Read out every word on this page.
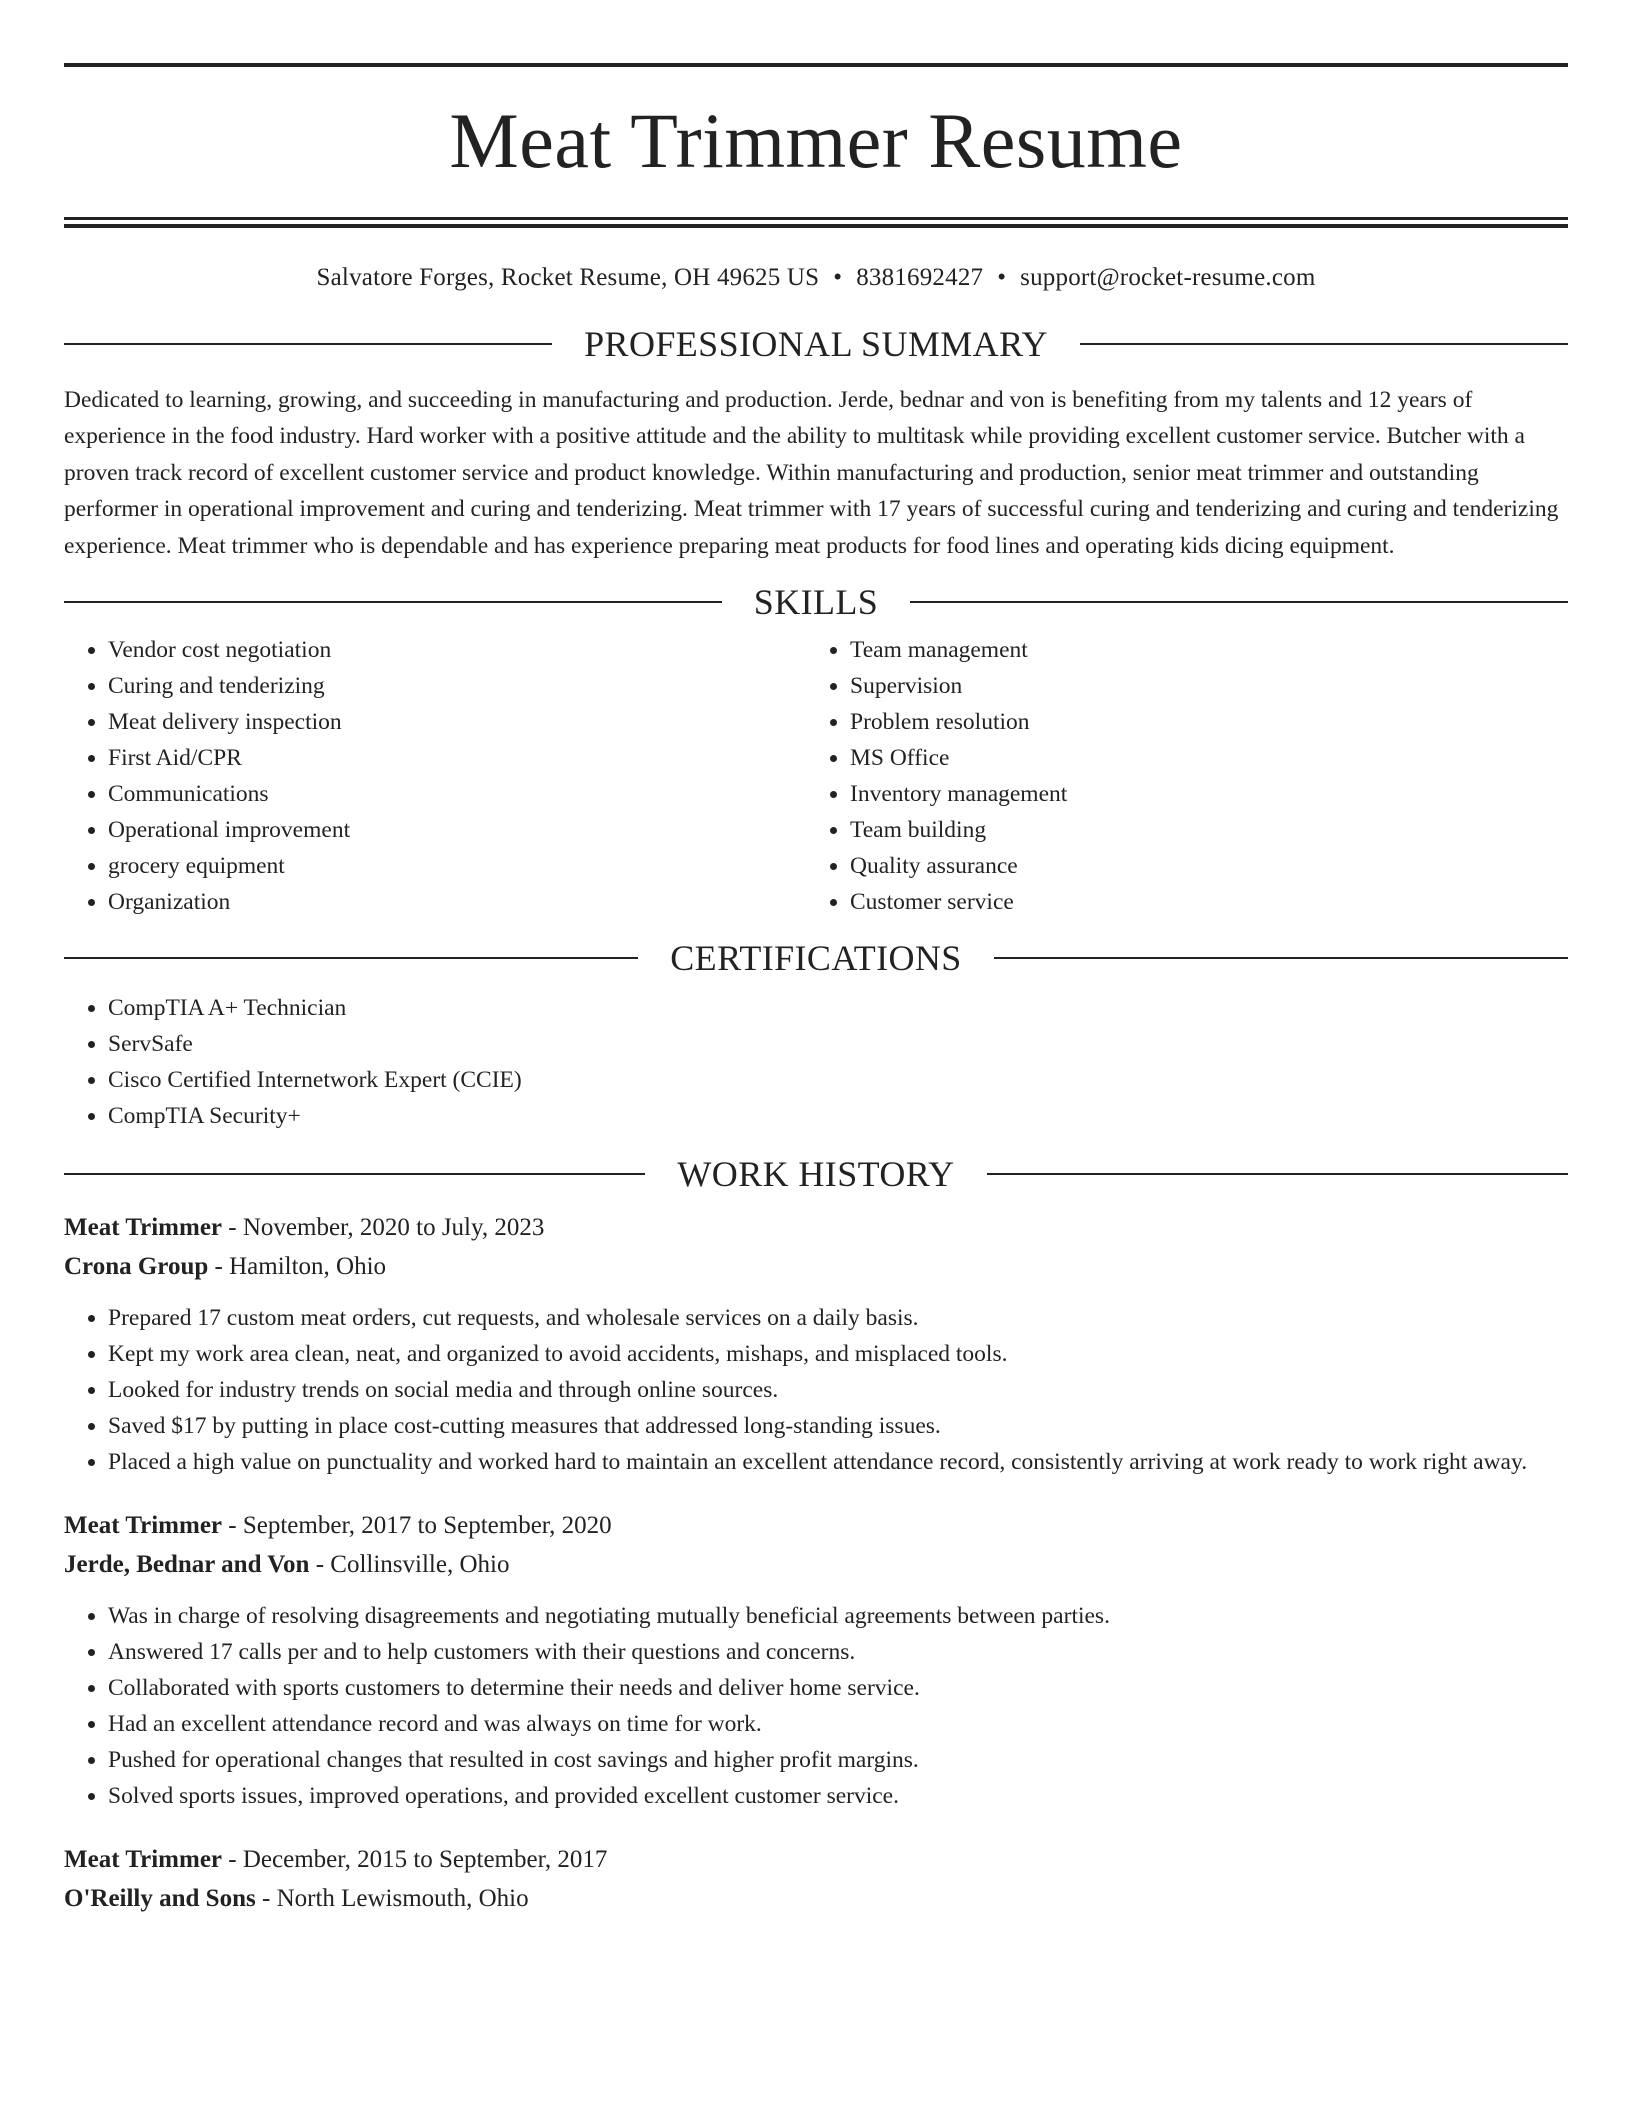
Meat Trimmer Resume
Salvatore Forges, Rocket Resume, OH 49625 US • 8381692427 • support@rocket-resume.com
PROFESSIONAL SUMMARY

Dedicated to learning, growing, and succeeding in manufacturing and production. Jerde, bednar and von is benefiting from my talents and 12 years of experience in the food industry. Hard worker with a positive attitude and the ability to multitask while providing excellent customer service. Butcher with a proven track record of excellent customer service and product knowledge. Within manufacturing and production, senior meat trimmer and outstanding performer in operational improvement and curing and tenderizing. Meat trimmer with 17 years of successful curing and tenderizing and curing and tenderizing experience. Meat trimmer who is dependable and has experience preparing meat products for food lines and operating kids dicing equipment.

SKILLS
• Vendor cost negotiation
• Curing and tenderizing
• Meat delivery inspection
• First Aid/CPR
• Communications
• Operational improvement
• grocery equipment
• Organization
• Team management
• Supervision
• Problem resolution
• MS Office
• Inventory management
• Team building
• Quality assurance
• Customer service
CERTIFICATIONS
• CompTIA A+ Technician
• ServSafe
• Cisco Certified Internetwork Expert (CCIE)
• CompTIA Security+
WORK HISTORY
Meat Trimmer - November, 2020 to July, 2023
Crona Group - Hamilton, Ohio
• Prepared 17 custom meat orders, cut requests, and wholesale services on a daily basis.
• Kept my work area clean, neat, and organized to avoid accidents, mishaps, and misplaced tools.
• Looked for industry trends on social media and through online sources.
• Saved $17 by putting in place cost-cutting measures that addressed long-standing issues.
• Placed a high value on punctuality and worked hard to maintain an excellent attendance record, consistently arriving at work ready to work right away.
Meat Trimmer - September, 2017 to September, 2020
Jerde, Bednar and Von - Collinsville, Ohio
• Was in charge of resolving disagreements and negotiating mutually beneficial agreements between parties.
• Answered 17 calls per and to help customers with their questions and concerns.
• Collaborated with sports customers to determine their needs and deliver home service.
• Had an excellent attendance record and was always on time for work.
• Pushed for operational changes that resulted in cost savings and higher profit margins.
• Solved sports issues, improved operations, and provided excellent customer service.
Meat Trimmer - December, 2015 to September, 2017
O'Reilly and Sons - North Lewismouth, Ohio
